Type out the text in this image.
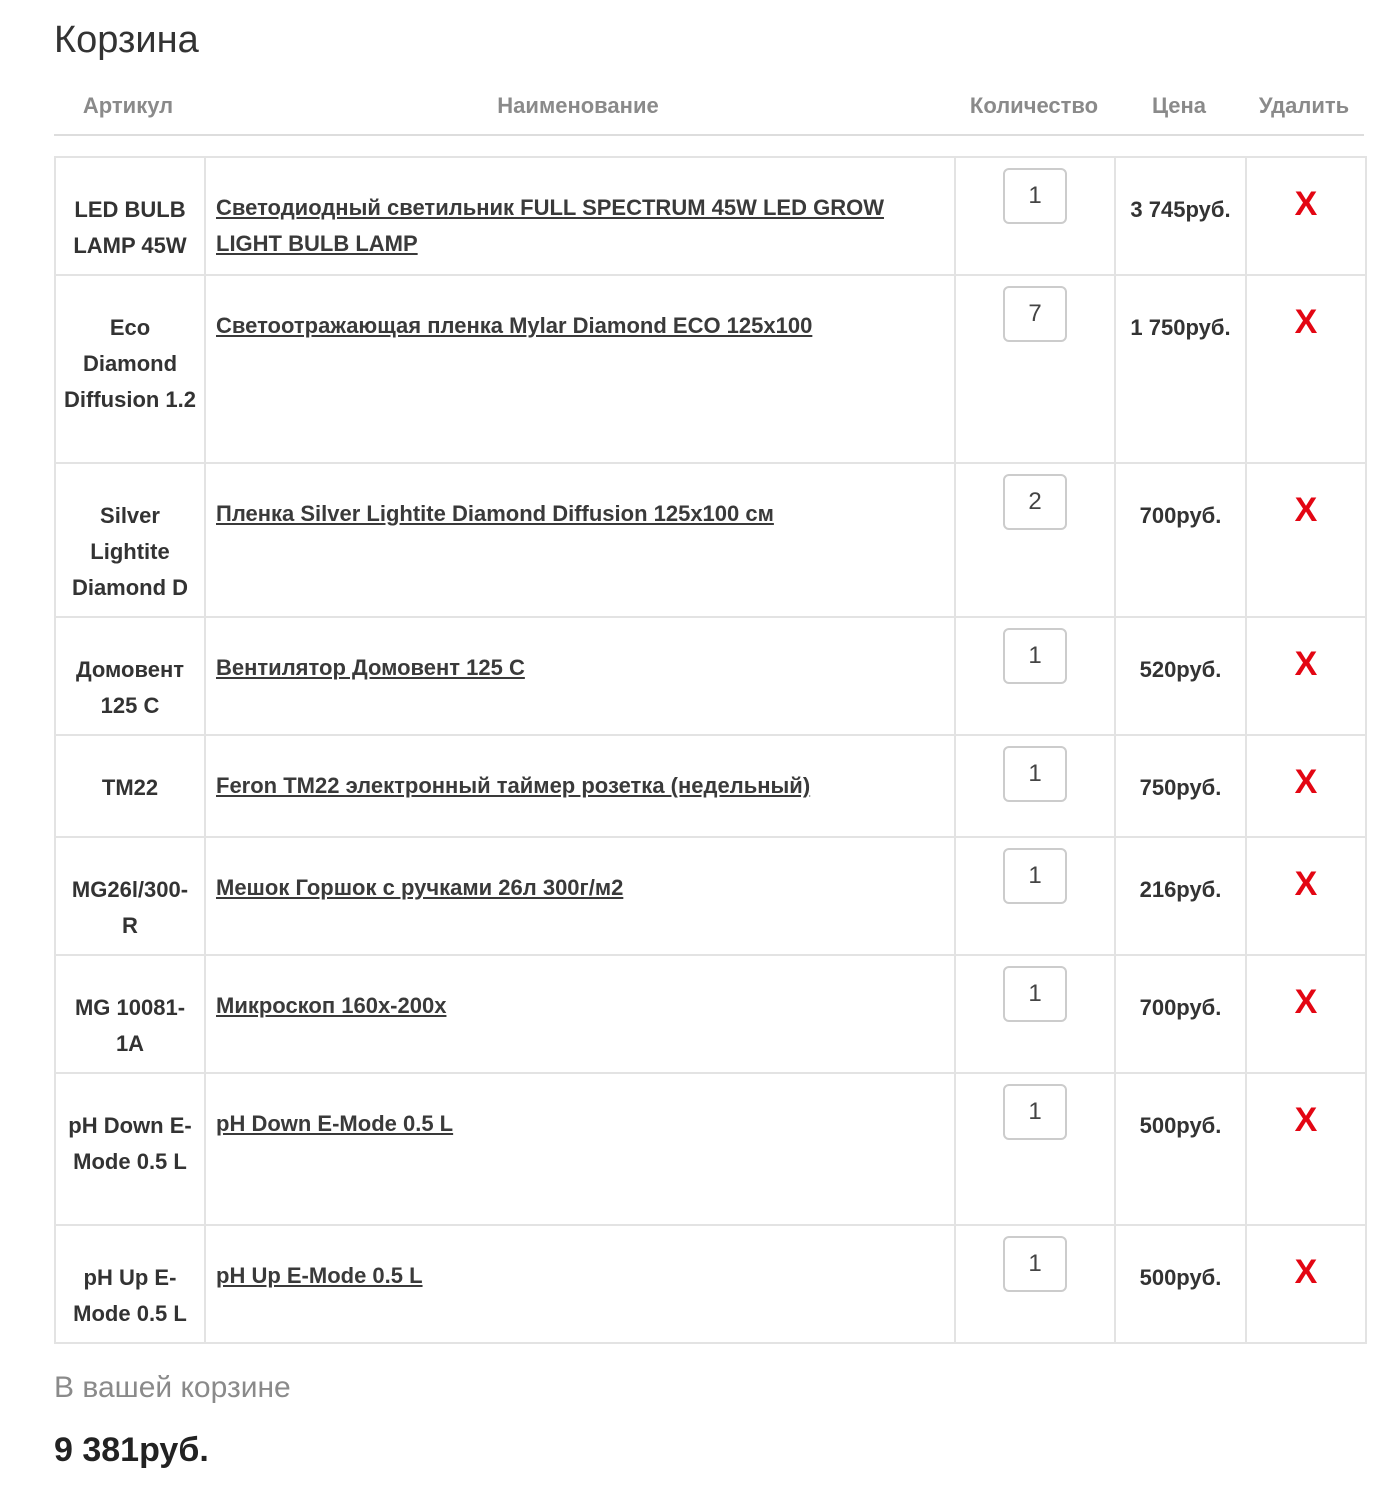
Корзина
Артикул	Наименование	Количество	Цена	Удалить
LED BULB LAMP 45W	Светодиодный светильник FULL SPECTRUM 45W LED GROW LIGHT BULB LAMP	1	3 745руб.	X
Eco Diamond Diffusion 1.2	Светоотражающая пленка Mylar Diamond ECO 125x100	7	1 750руб.	X
Silver Lightite Diamond D	Пленка Silver Lightite Diamond Diffusion 125x100 см	2	700руб.	X
Домовент 125 С	Вентилятор Домовент 125 С	1	520руб.	X
TM22	Feron TM22 электронный таймер розетка (недельный)	1	750руб.	X
MG26l/300-R	Мешок Горшок с ручками 26л 300г/м2	1	216руб.	X
MG 10081-1A	Микроскоп 160x-200x	1	700руб.	X
pH Down E-Mode 0.5 L	pH Down E-Mode 0.5 L	1	500руб.	X
pH Up E-Mode 0.5 L	pH Up E-Mode 0.5 L	1	500руб.	X
В вашей корзине
9 381руб.
